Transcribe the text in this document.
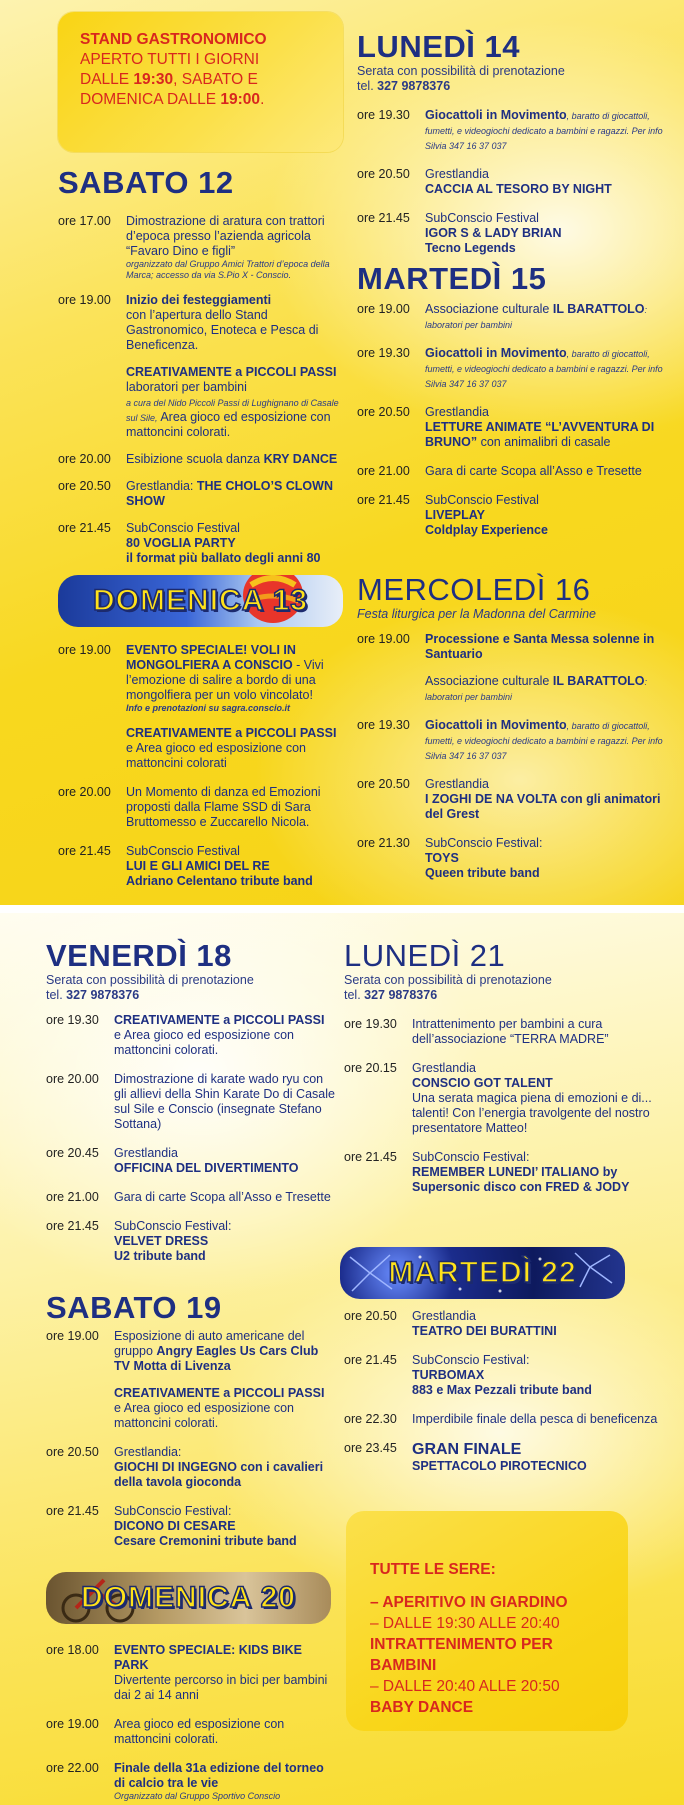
STAND GASTRONOMICO
APERTO TUTTI I GIORNI
DALLE 19:30, SABATO E
DOMENICA DALLE 19:00.
SABATO 12
ore 17.00	Dimostrazione di aratura con trattori d’epoca presso l’azienda agricola “Favaro Dino e figli”
organizzato dal Gruppo Amici Trattori d’epoca della Marca; accesso da via S.Pio X - Conscio.
ore 19.00	Inizio dei festeggiamenti
con l’apertura dello Stand Gastronomico, Enoteca e Pesca di Beneficenza.
CREATIVAMENTE a PICCOLI PASSI
laboratori per bambini
a cura del Nido Piccoli Passi di Lughignano di Casale sul Sile, Area gioco ed esposizione con mattoncini colorati.
ore 20.00	Esibizione scuola danza KRY DANCE
ore 20.50	Grestlandia: THE CHOLO’S CLOWN SHOW
ore 21.45	SubConscio Festival
80 VOGLIA PARTY
il format più ballato degli anni 80
DOMENICA 13
ore 19.00	EVENTO SPECIALE! VOLI IN MONGOLFIERA A CONSCIO - Vivi l’emozione di salire a bordo di una mongolfiera per un volo vincolato!
Info e prenotazioni su sagra.conscio.it
CREATIVAMENTE a PICCOLI PASSI
e Area gioco ed esposizione con mattoncini colorati
ore 20.00	Un Momento di danza ed Emozioni proposti dalla Flame SSD di Sara Bruttomesso e Zuccarello Nicola.
ore 21.45	SubConscio Festival
LUI E GLI AMICI DEL RE
Adriano Celentano tribute band
LUNEDÌ 14
Serata con possibilità di prenotazione
tel. 327 9878376
ore 19.30	Giocattoli in Movimento, baratto di giocattoli, fumetti, e videogiochi dedicato a bambini e ragazzi. Per info Silvia 347 16 37 037
ore 20.50	Grestlandia
CACCIA AL TESORO BY NIGHT
ore 21.45	SubConscio Festival
IGOR S & LADY BRIAN
Tecno Legends
MARTEDÌ 15
ore 19.00	Associazione culturale IL BARATTOLO: laboratori per bambini
ore 19.30	Giocattoli in Movimento, baratto di giocattoli, fumetti, e videogiochi dedicato a bambini e ragazzi. Per info Silvia 347 16 37 037
ore 20.50	Grestlandia
LETTURE ANIMATE “L’AVVENTURA DI BRUNO” con animalibri di casale
ore 21.00	Gara di carte Scopa all’Asso e Tresette
ore 21.45	SubConscio Festival
LIVEPLAY
Coldplay Experience
MERCOLEDÌ 16
Festa liturgica per la Madonna del Carmine
ore 19.00	Processione e Santa Messa solenne in Santuario
Associazione culturale IL BARATTOLO: laboratori per bambini
ore 19.30	Giocattoli in Movimento, baratto di giocattoli, fumetti, e videogiochi dedicato a bambini e ragazzi. Per info Silvia 347 16 37 037
ore 20.50	Grestlandia
I ZOGHI DE NA VOLTA con gli animatori del Grest
ore 21.30	SubConscio Festival:
TOYS
Queen tribute band
VENERDÌ 18
Serata con possibilità di prenotazione
tel. 327 9878376
ore 19.30	CREATIVAMENTE a PICCOLI PASSI
e Area gioco ed esposizione con mattoncini colorati.
ore 20.00	Dimostrazione di karate wado ryu con gli allievi della Shin Karate Do di Casale sul Sile e Conscio (insegnate Stefano Sottana)
ore 20.45	Grestlandia
OFFICINA DEL DIVERTIMENTO
ore 21.00	Gara di carte Scopa all’Asso e Tresette
ore 21.45	SubConscio Festival:
VELVET DRESS
U2 tribute band
SABATO 19
ore 19.00	Esposizione di auto americane del gruppo Angry Eagles Us Cars Club TV Motta di Livenza
CREATIVAMENTE a PICCOLI PASSI
e Area gioco ed esposizione con mattoncini colorati.
ore 20.50	Grestlandia:
GIOCHI DI INGEGNO con i cavalieri della tavola gioconda
ore 21.45	SubConscio Festival:
DICONO DI CESARE
Cesare Cremonini tribute band
DOMENICA 20
ore 18.00	EVENTO SPECIALE: KIDS BIKE PARK
Divertente percorso in bici per bambini dai 2 ai 14 anni
ore 19.00	Area gioco ed esposizione con mattoncini colorati.
ore 22.00	Finale della 31a edizione del torneo di calcio tra le vie
Organizzato dal Gruppo Sportivo Conscio
LUNEDÌ 21
Serata con possibilità di prenotazione
tel. 327 9878376
ore 19.30	Intrattenimento per bambini a cura dell’associazione “TERRA MADRE”
ore 20.15	Grestlandia
CONSCIO GOT TALENT
Una serata magica piena di emozioni e di... talenti! Con l’energia travolgente del nostro presentatore Matteo!
ore 21.45	SubConscio Festival:
REMEMBER LUNEDI’ ITALIANO by Supersonic disco con FRED & JODY
MARTEDÌ 22
ore 20.50	Grestlandia
TEATRO DEI BURATTINI
ore 21.45	SubConscio Festival:
TURBOMAX
883 e Max Pezzali tribute band
ore 22.30	Imperdibile finale della pesca di beneficenza
ore 23.45 GRAN FINALE
SPETTACOLO PIROTECNICO
TUTTE LE SERE:
– APERITIVO IN GIARDINO
– DALLE 19:30 ALLE 20:40
INTRATTENIMENTO PER BAMBINI
– DALLE 20:40 ALLE 20:50
BABY DANCE
